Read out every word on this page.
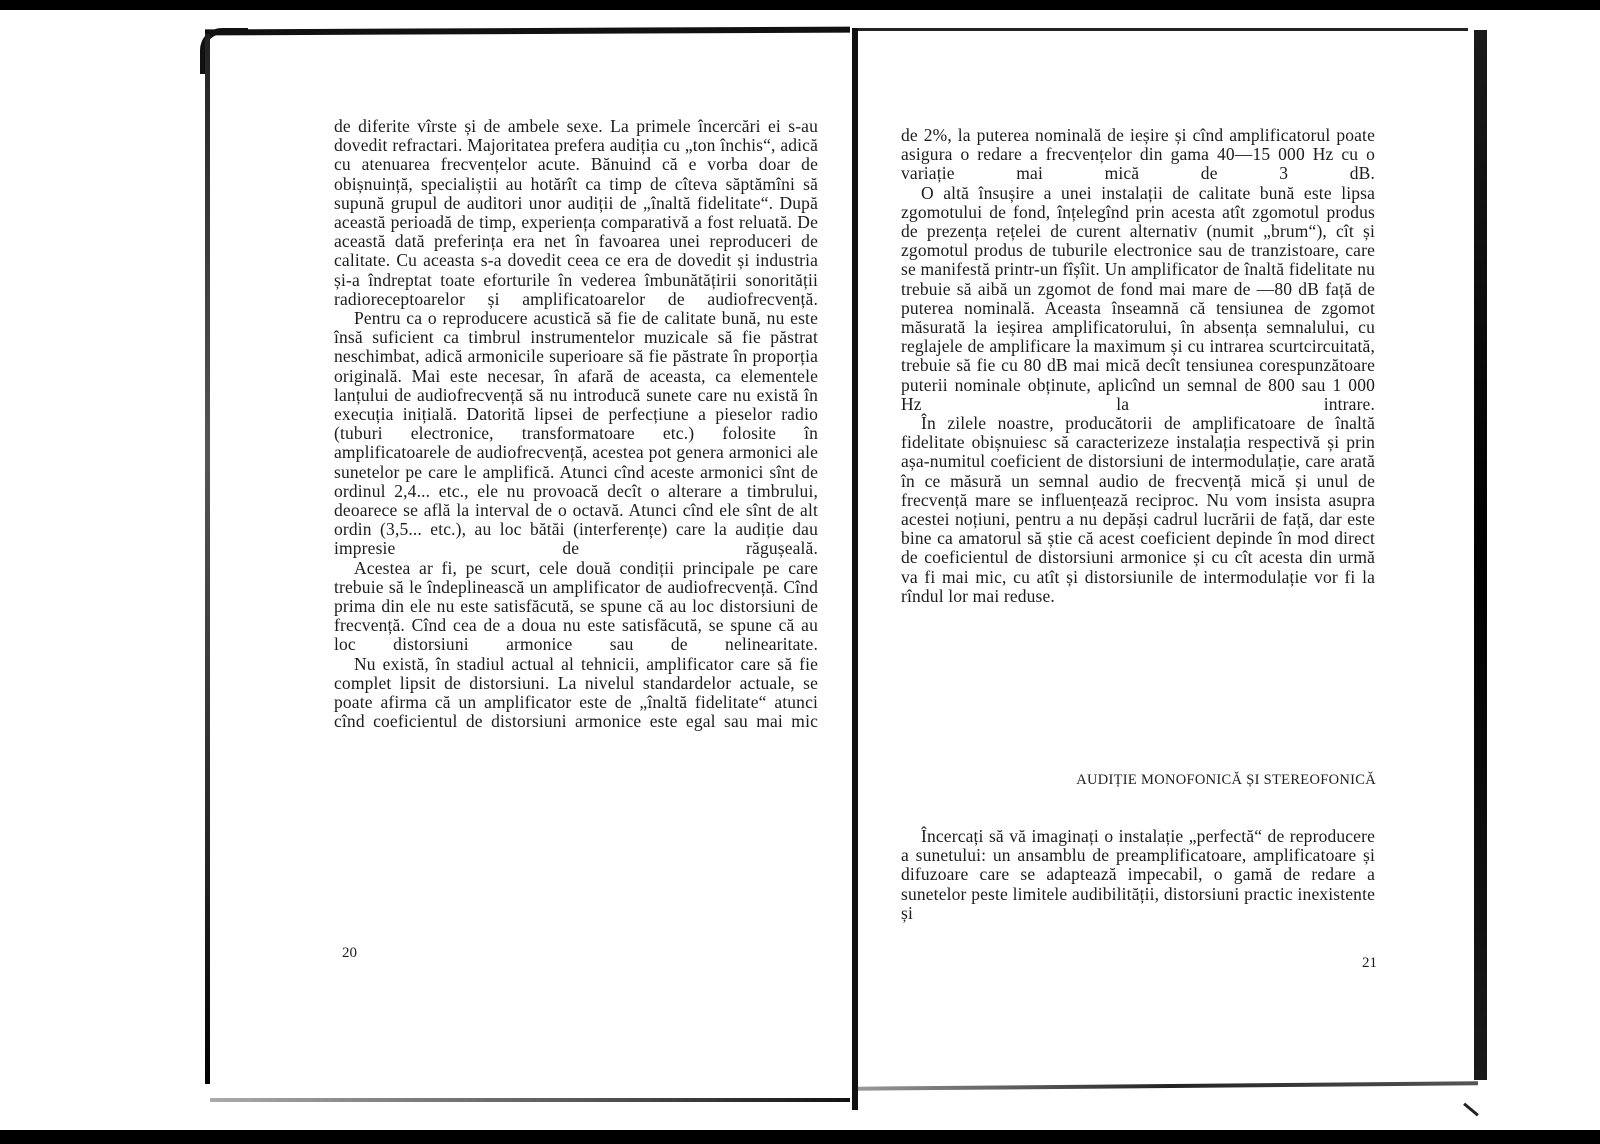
de diferite vîrste și de ambele sexe. La primele încercări ei s-au dovedit refractari. Majoritatea prefera audiția cu „ton închis“, adică cu atenuarea frecvențelor acute. Bănuind că e vorba doar de obișnuință, specialiștii au hotărît ca timp de cîteva săptămîni să supună grupul de auditori unor audiții de „înaltă fidelitate“. După această perioadă de timp, experiența comparativă a fost reluată. De această dată preferința era net în favoarea unei reproduceri de calitate. Cu aceasta s-a dovedit ceea ce era de dovedit și industria și-a îndreptat toate eforturile în vederea îmbunătățirii sonorității radioreceptoarelor și amplificatoarelor de audiofrecvență.

Pentru ca o reproducere acustică să fie de calitate bună, nu este însă suficient ca timbrul instrumentelor muzicale să fie păstrat neschimbat, adică armonicile superioare să fie păstrate în proporția originală. Mai este necesar, în afară de aceasta, ca elementele lanțului de audiofrecvență să nu introducă sunete care nu există în execuția inițială. Datorită lipsei de perfecțiune a pieselor radio (tuburi electronice, transformatoare etc.) folosite în amplificatoarele de audiofrecvență, acestea pot genera armonici ale sunetelor pe care le amplifică. Atunci cînd aceste armonici sînt de ordinul 2,4... etc., ele nu provoacă decît o alterare a timbrului, deoarece se află la interval de o octavă. Atunci cînd ele sînt de alt ordin (3,5... etc.), au loc bătăi (interferențe) care la audiție dau impresie de răgușeală.

Acestea ar fi, pe scurt, cele două condiții principale pe care trebuie să le îndeplinească un amplificator de audiofrecvență. Cînd prima din ele nu este satisfăcută, se spune că au loc distorsiuni de frecvență. Cînd cea de a doua nu este satisfăcută, se spune că au loc distorsiuni armonice sau de nelinearitate.

Nu există, în stadiul actual al tehnicii, amplificator care să fie complet lipsit de distorsiuni. La nivelul standardelor actuale, se poate afirma că un amplificator este de „înaltă fidelitate“ atunci cînd coeficientul de distorsiuni armonice este egal sau mai mic

20

de 2%, la puterea nominală de ieșire și cînd amplificatorul poate asigura o redare a frecvențelor din gama 40—15 000 Hz cu o variație mai mică de 3 dB.

O altă însușire a unei instalații de calitate bună este lipsa zgomotului de fond, înțelegînd prin acesta atît zgomotul produs de prezența rețelei de curent alternativ (numit „brum“), cît și zgomotul produs de tuburile electronice sau de tranzistoare, care se manifestă printr-un fîșîit. Un amplificator de înaltă fidelitate nu trebuie să aibă un zgomot de fond mai mare de —80 dB față de puterea nominală. Aceasta înseamnă că tensiunea de zgomot măsurată la ieșirea amplificatorului, în absența semnalului, cu reglajele de amplificare la maximum și cu intrarea scurtcircuitată, trebuie să fie cu 80 dB mai mică decît tensiunea corespunzătoare puterii nominale obținute, aplicînd un semnal de 800 sau 1 000 Hz la intrare.

În zilele noastre, producătorii de amplificatoare de înaltă fidelitate obișnuiesc să caracterizeze instalația respectivă și prin așa-numitul coeficient de distorsiuni de intermodulație, care arată în ce măsură un semnal audio de frecvență mică și unul de frecvență mare se influențează reciproc. Nu vom insista asupra acestei noțiuni, pentru a nu depăși cadrul lucrării de față, dar este bine ca amatorul să știe că acest coeficient depinde în mod direct de coeficientul de distorsiuni armonice și cu cît acesta din urmă va fi mai mic, cu atît și distorsiunile de intermodulație vor fi la rîndul lor mai reduse.

AUDIȚIE MONOFONICĂ ȘI STEREOFONICĂ

Încercați să vă imaginați o instalație „perfectă“ de reproducere a sunetului: un ansamblu de preamplificatoare, amplificatoare și difuzoare care se adaptează impecabil, o gamă de redare a sunetelor peste limitele audibilității, distorsiuni practic inexistente și

21
